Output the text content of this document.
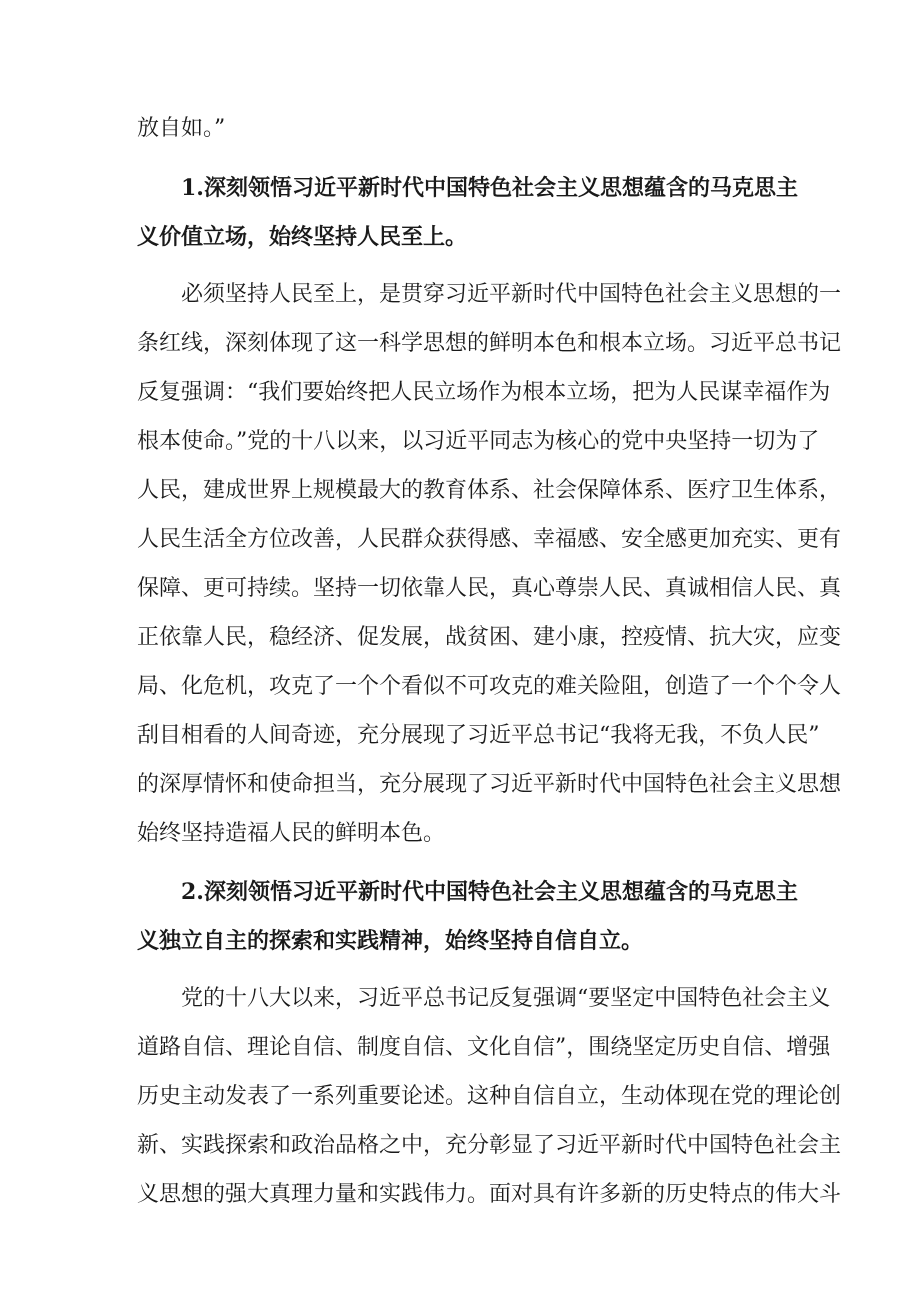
放自如。”
1.深刻领悟习近平新时代中国特色社会主义思想蕴含的马克思主
义价值立场，始终坚持人民至上。
必须坚持人民至上，是贯穿习近平新时代中国特色社会主义思想的一
条红线，深刻体现了这一科学思想的鲜明本色和根本立场。习近平总书记
反复强调：“我们要始终把人民立场作为根本立场，把为人民谋幸福作为
根本使命。”党的十八以来，以习近平同志为核心的党中央坚持一切为了
人民，建成世界上规模最大的教育体系、社会保障体系、医疗卫生体系，
人民生活全方位改善，人民群众获得感、幸福感、安全感更加充实、更有
保障、更可持续。坚持一切依靠人民，真心尊崇人民、真诚相信人民、真
正依靠人民，稳经济、促发展，战贫困、建小康，控疫情、抗大灾，应变
局、化危机，攻克了一个个看似不可攻克的难关险阻，创造了一个个令人
刮目相看的人间奇迹，充分展现了习近平总书记“我将无我，不负人民”
的深厚情怀和使命担当，充分展现了习近平新时代中国特色社会主义思想
始终坚持造福人民的鲜明本色。
2.深刻领悟习近平新时代中国特色社会主义思想蕴含的马克思主
义独立自主的探索和实践精神，始终坚持自信自立。
党的十八大以来，习近平总书记反复强调“要坚定中国特色社会主义
道路自信、理论自信、制度自信、文化自信”，围绕坚定历史自信、增强
历史主动发表了一系列重要论述。这种自信自立，生动体现在党的理论创
新、实践探索和政治品格之中，充分彰显了习近平新时代中国特色社会主
义思想的强大真理力量和实践伟力。面对具有许多新的历史特点的伟大斗
